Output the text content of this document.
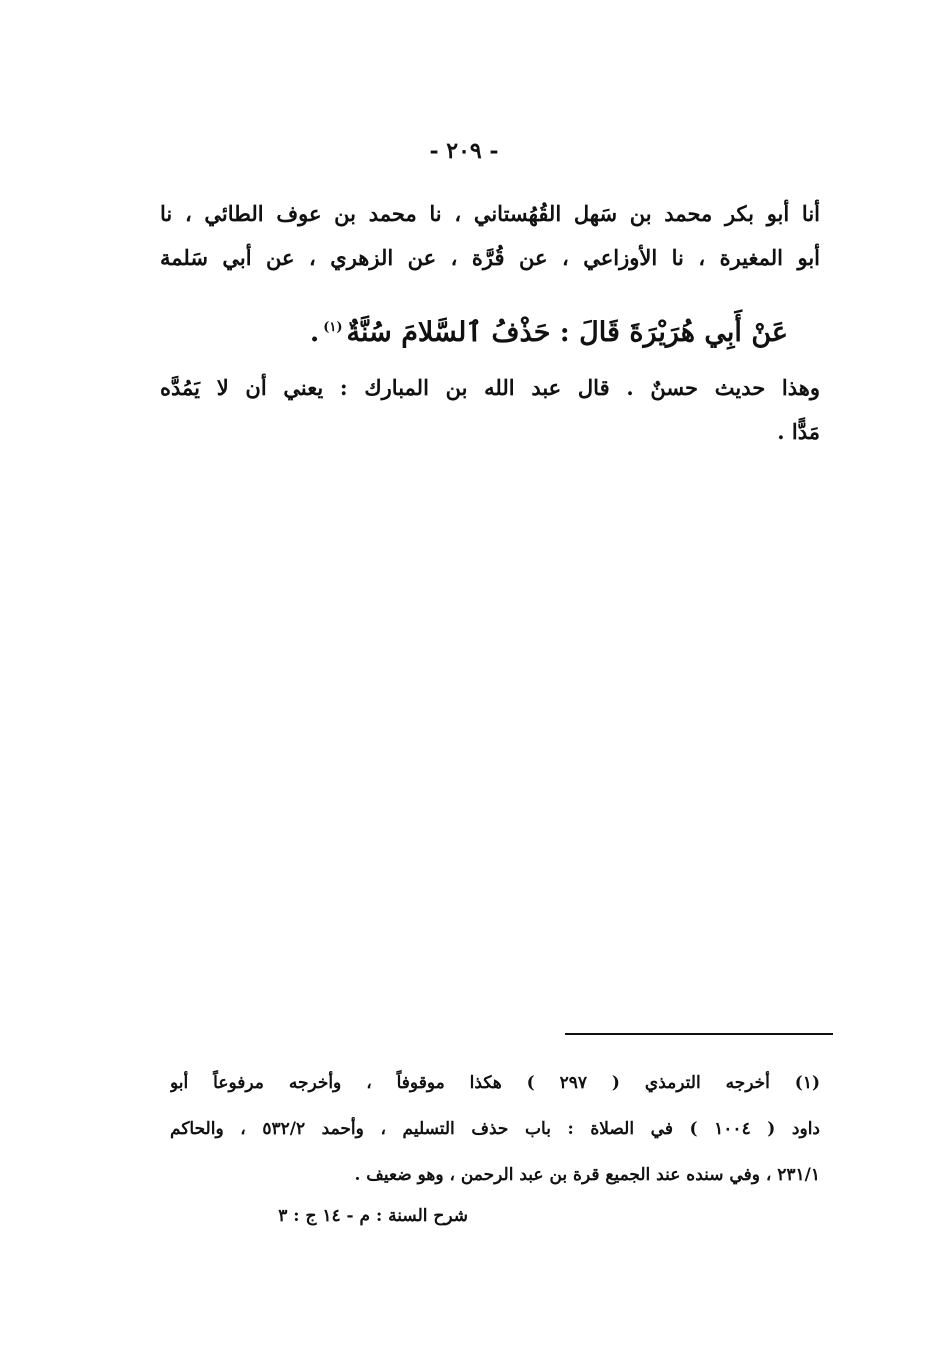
- ٢٠٩ -
أنا أبو بكر محمد بن سَهل القُهُستاني ، نا محمد بن عوف الطائي ، نا
أبو المغيرة ، نا الأوزاعي ، عن قُرَّة ، عن الزهري ، عن أبي سَلمة
عَنْ أَبِي هُرَيْرَةَ قَالَ : حَذْفُ ٱلسَّلامَ سُنَّةٌ$^{(١)}$.
وهذا حديث حسنٌ . قال عبد الله بن المبارك : يعني أن لا يَمُدَّه
مَدًّا .
(١) أخرجه الترمذي ( ٢٩٧ ) هكذا موقوفاً ، وأخرجه مرفوعاً أبو
داود ( ١٠٠٤ ) في الصلاة : باب حذف التسليم ، وأحمد ٥٣٢/٢ ، والحاكم
٢٣١/١ ، وفي سنده عند الجميع قرة بن عبد الرحمن ، وهو ضعيف .
شرح السنة : م - ١٤ ج : ٣
